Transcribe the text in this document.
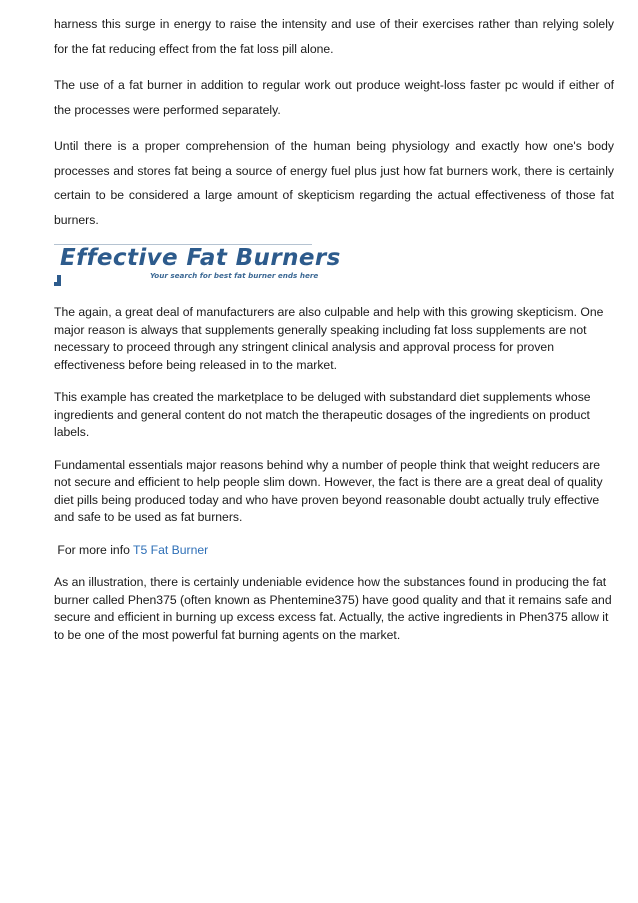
harness this surge in energy to raise the intensity and use of their exercises rather than relying solely for the fat reducing effect from the fat loss pill alone.

The use of a fat burner in addition to regular work out produce weight-loss faster pc would if either of the processes were performed separately.

Until there is a proper comprehension of the human being physiology and exactly how one's body processes and stores fat being a source of energy fuel plus just how fat burners work, there is certainly certain to be considered a large amount of skepticism regarding the actual effectiveness of those fat burners.

Effective Fat Burners
Your search for best fat burner ends here

The again, a great deal of manufacturers are also culpable and help with this growing skepticism. One major reason is always that supplements generally speaking including fat loss supplements are not necessary to proceed through any stringent clinical analysis and approval process for proven effectiveness before being released in to the market.

This example has created the marketplace to be deluged with substandard diet supplements whose ingredients and general content do not match the therapeutic dosages of the ingredients on product labels.

Fundamental essentials major reasons behind why a number of people think that weight reducers are not secure and efficient to help people slim down. However, the fact is there are a great deal of quality diet pills being produced today and who have proven beyond reasonable doubt actually truly effective and safe to be used as fat burners.

For more info T5 Fat Burner

As an illustration, there is certainly undeniable evidence how the substances found in producing the fat burner called Phen375 (often known as Phentemine375) have good quality and that it remains safe and secure and efficient in burning up excess excess fat. Actually, the active ingredients in Phen375 allow it to be one of the most powerful fat burning agents on the market.
